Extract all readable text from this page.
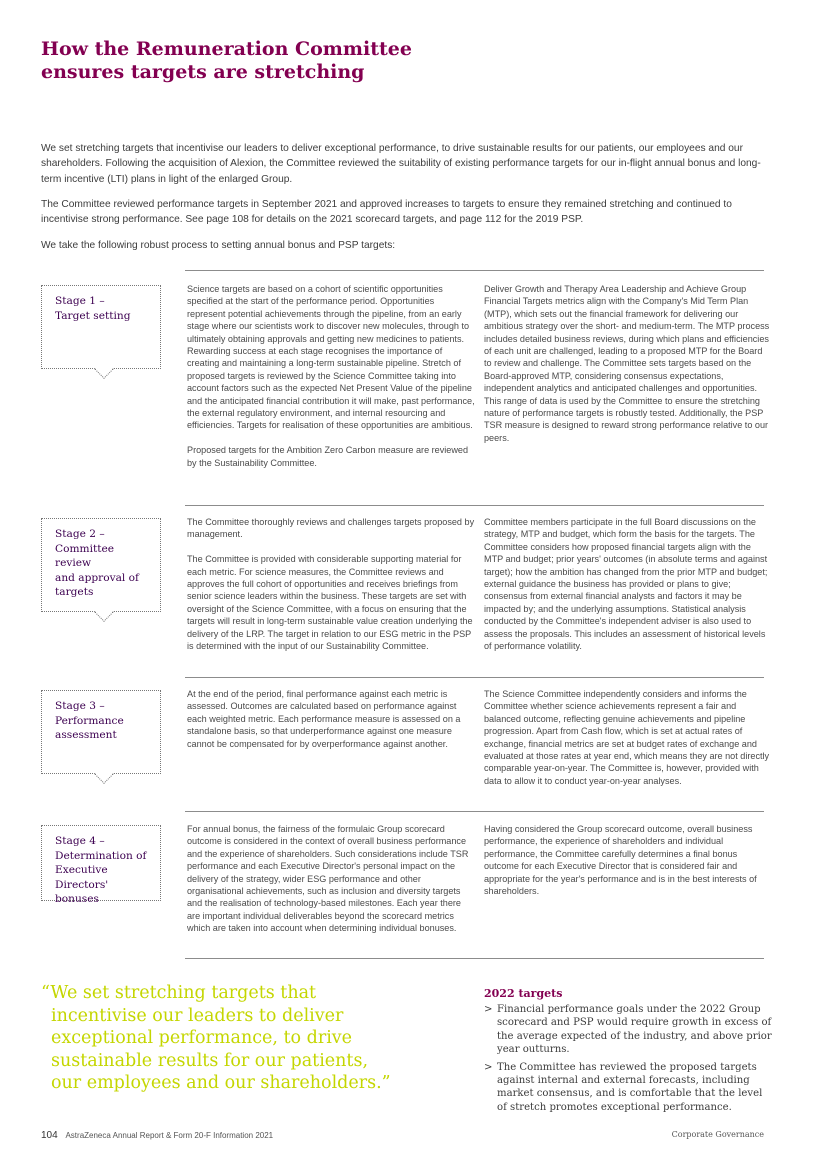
How the Remuneration Committee
ensures targets are stretching

We set stretching targets that incentivise our leaders to deliver exceptional performance, to drive sustainable results for our patients, our employees and our shareholders. Following the acquisition of Alexion, the Committee reviewed the suitability of existing performance targets for our in-flight annual bonus and long-term incentive (LTI) plans in light of the enlarged Group.

The Committee reviewed performance targets in September 2021 and approved increases to targets to ensure they remained stretching and continued to incentivise strong performance. See page 108 for details on the 2021 scorecard targets, and page 112 for the 2019 PSP.

We take the following robust process to setting annual bonus and PSP targets:

Stage 1 –
Target setting

Science targets are based on a cohort of scientific opportunities specified at the start of the performance period. Opportunities represent potential achievements through the pipeline, from an early stage where our scientists work to discover new molecules, through to ultimately obtaining approvals and getting new medicines to patients. Rewarding success at each stage recognises the importance of creating and maintaining a long-term sustainable pipeline. Stretch of proposed targets is reviewed by the Science Committee taking into account factors such as the expected Net Present Value of the pipeline and the anticipated financial contribution it will make, past performance, the external regulatory environment, and internal resourcing and efficiencies. Targets for realisation of these opportunities are ambitious.

Proposed targets for the Ambition Zero Carbon measure are reviewed by the Sustainability Committee.

Deliver Growth and Therapy Area Leadership and Achieve Group Financial Targets metrics align with the Company's Mid Term Plan (MTP), which sets out the financial framework for delivering our ambitious strategy over the short- and medium-term. The MTP process includes detailed business reviews, during which plans and efficiencies of each unit are challenged, leading to a proposed MTP for the Board to review and challenge. The Committee sets targets based on the Board-approved MTP, considering consensus expectations, independent analytics and anticipated challenges and opportunities. This range of data is used by the Committee to ensure the stretching nature of performance targets is robustly tested. Additionally, the PSP TSR measure is designed to reward strong performance relative to our peers.

Stage 2 –
Committee review
and approval of
targets

The Committee thoroughly reviews and challenges targets proposed by management.

The Committee is provided with considerable supporting material for each metric. For science measures, the Committee reviews and approves the full cohort of opportunities and receives briefings from senior science leaders within the business. These targets are set with oversight of the Science Committee, with a focus on ensuring that the targets will result in long-term sustainable value creation underlying the delivery of the LRP. The target in relation to our ESG metric in the PSP is determined with the input of our Sustainability Committee.

Committee members participate in the full Board discussions on the strategy, MTP and budget, which form the basis for the targets. The Committee considers how proposed financial targets align with the MTP and budget; prior years' outcomes (in absolute terms and against target); how the ambition has changed from the prior MTP and budget; external guidance the business has provided or plans to give; consensus from external financial analysts and factors it may be impacted by; and the underlying assumptions. Statistical analysis conducted by the Committee's independent adviser is also used to assess the proposals. This includes an assessment of historical levels of performance volatility.

Stage 3 –
Performance
assessment

At the end of the period, final performance against each metric is assessed. Outcomes are calculated based on performance against each weighted metric. Each performance measure is assessed on a standalone basis, so that underperformance against one measure cannot be compensated for by overperformance against another.

The Science Committee independently considers and informs the Committee whether science achievements represent a fair and balanced outcome, reflecting genuine achievements and pipeline progression. Apart from Cash flow, which is set at actual rates of exchange, financial metrics are set at budget rates of exchange and evaluated at those rates at year end, which means they are not directly comparable year-on-year. The Committee is, however, provided with data to allow it to conduct year-on-year analyses.

Stage 4 –
Determination of
Executive Directors'
bonuses

For annual bonus, the fairness of the formulaic Group scorecard outcome is considered in the context of overall business performance and the experience of shareholders. Such considerations include TSR performance and each Executive Director's personal impact on the delivery of the strategy, wider ESG performance and other organisational achievements, such as inclusion and diversity targets and the realisation of technology-based milestones. Each year there are important individual deliverables beyond the scorecard metrics which are taken into account when determining individual bonuses.

Having considered the Group scorecard outcome, overall business performance, the experience of shareholders and individual performance, the Committee carefully determines a final bonus outcome for each Executive Director that is considered fair and appropriate for the year's performance and is in the best interests of shareholders.

“We set stretching targets that
incentivise our leaders to deliver
exceptional performance, to drive
sustainable results for our patients,
our employees and our shareholders.”
2022 targets
> Financial performance goals under the 2022 Group scorecard and PSP would require growth in excess of the average expected of the industry, and above prior year outturns.
> The Committee has reviewed the proposed targets against internal and external forecasts, including market consensus, and is comfortable that the level of stretch promotes exceptional performance.
104 AstraZeneca Annual Report & Form 20-F Information 2021	Corporate Governance
